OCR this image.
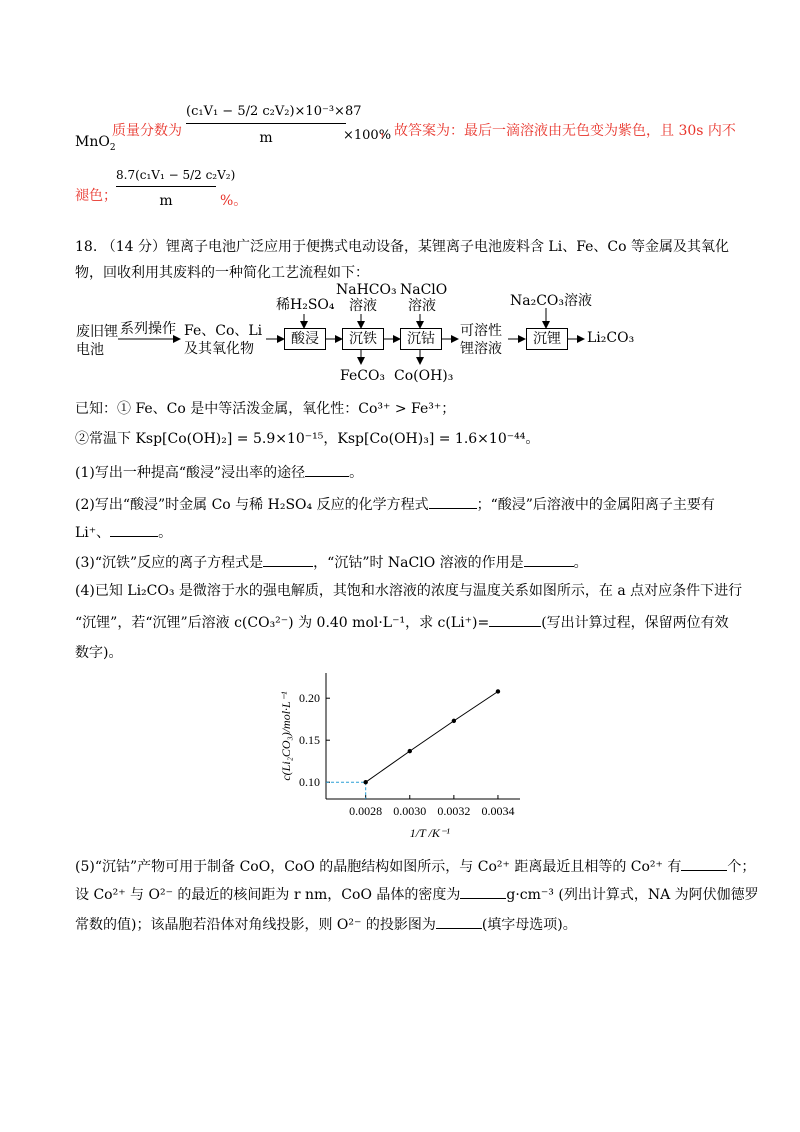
MnO$_2$
质量分数为
(c₁V₁ − 5/2 c₂V₂)×10⁻³×87
m	×100%
，故答案为：最后一滴溶液由无色变为紫色，且 30s 内不
褪色；
8.7(c₁V₁ − 5/2 c₂V₂)
m	%。
18. （14 分）锂离子电池广泛应用于便携式电动设备，某锂离子电池废料含 Li、Fe、Co 等金属及其氧化
物，回收利用其废料的一种简化工艺流程如下：
废旧锂电池
系列操作 Fe、Co、Li及其氧化物
稀H₂SO₄
酸浸
NaHCO₃溶液
沉铁
FeCO₃
NaClO溶液
沉钴
Co(OH)₃
可溶性锂溶液
Na₂CO₃溶液
沉锂	Li₂CO₃
已知：① Fe、Co 是中等活泼金属，氧化性：Co³⁺ > Fe³⁺；
②常温下 Ksp[Co(OH)₂] = 5.9×10⁻¹⁵，Ksp[Co(OH)₃] = 1.6×10⁻⁴⁴。
(1)写出一种提高“酸浸”浸出率的途径	。
(2)写出“酸浸”时金属 Co 与稀 H₂SO₄ 反应的化学方程式	；“酸浸”后溶液中的金属阳离子主要有
Li⁺、	。
(3)“沉铁”反应的离子方程式是	，“沉钴”时 NaClO 溶液的作用是	。
(4)已知 Li₂CO₃ 是微溶于水的强电解质，其饱和水溶液的浓度与温度关系如图所示，在 a 点对应条件下进行
“沉锂”，若“沉锂”后溶液 c(CO₃²⁻) 为 0.40 mol·L⁻¹，求 c(Li⁺)=	(写出计算过程，保留两位有效
数字)。
0.10
0.15
0.20
0.0028 0.0030 0.0032 0.0034
c(Li₂CO₃)/mol·L⁻¹
1/T /K⁻¹
(5)“沉钴”产物可用于制备 CoO，CoO 的晶胞结构如图所示，与 Co²⁺ 距离最近且相等的 Co²⁺ 有	个；
设 Co²⁺ 与 O²⁻ 的最近的核间距为 r nm，CoO 晶体的密度为	g·cm⁻³ (列出计算式，NA 为阿伏伽德罗
常数的值)；该晶胞若沿体对角线投影，则 O²⁻ 的投影图为	(填字母选项)。
